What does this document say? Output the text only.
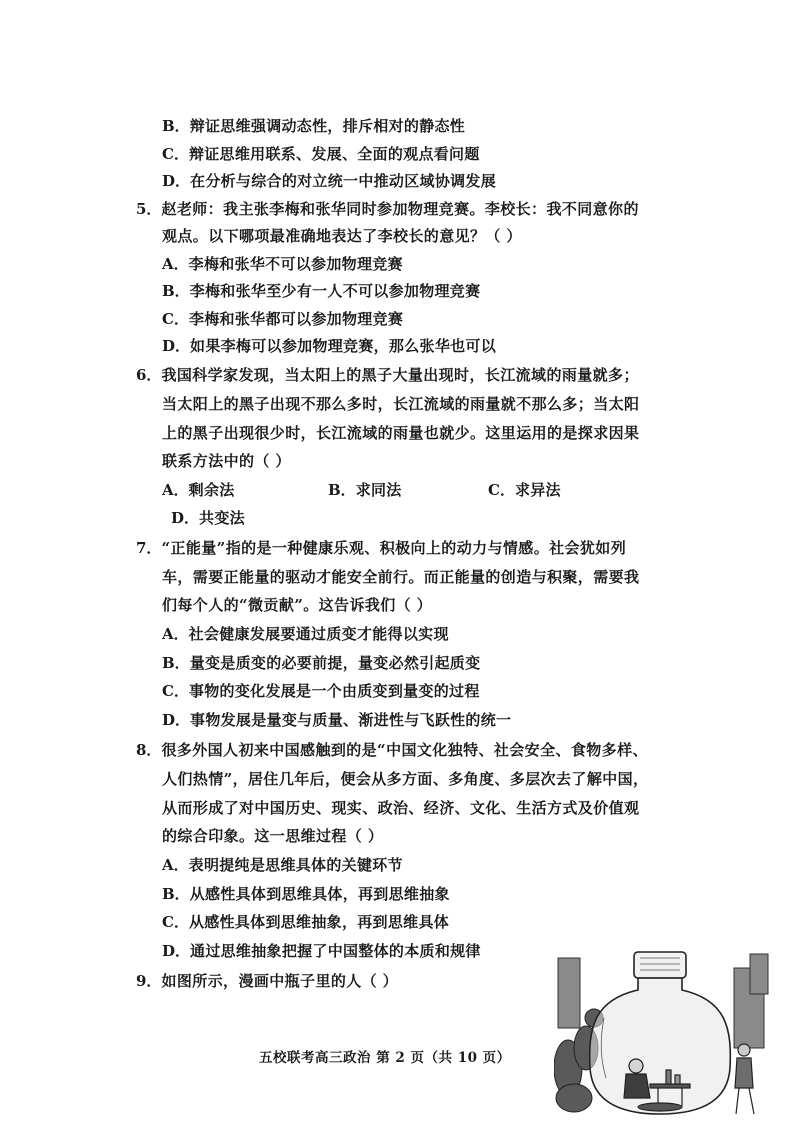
B．辩证思维强调动态性，排斥相对的静态性
C．辩证思维用联系、发展、全面的观点看问题
D．在分析与综合的对立统一中推动区域协调发展
5．赵老师：我主张李梅和张华同时参加物理竞赛。李校长：我不同意你的
观点。以下哪项最准确地表达了李校长的意见？（ ）
A．李梅和张华不可以参加物理竞赛
B．李梅和张华至少有一人不可以参加物理竞赛
C．李梅和张华都可以参加物理竞赛
D．如果李梅可以参加物理竞赛，那么张华也可以
6．我国科学家发现，当太阳上的黑子大量出现时，长江流域的雨量就多；
当太阳上的黑子出现不那么多时，长江流域的雨量就不那么多；当太阳
上的黑子出现很少时，长江流域的雨量也就少。这里运用的是探求因果
联系方法中的（ ）
A．剩余法	B．求同法	C．求异法
D．共变法
7．“正能量”指的是一种健康乐观、积极向上的动力与情感。社会犹如列
车，需要正能量的驱动才能安全前行。而正能量的创造与积聚，需要我
们每个人的“微贡献”。这告诉我们（ ）
A．社会健康发展要通过质变才能得以实现
B．量变是质变的必要前提，量变必然引起质变
C．事物的变化发展是一个由质变到量变的过程
D．事物发展是量变与质量、渐进性与飞跃性的统一
8．很多外国人初来中国感触到的是“中国文化独特、社会安全、食物多样、
人们热情”，居住几年后，便会从多方面、多角度、多层次去了解中国，
从而形成了对中国历史、现实、政治、经济、文化、生活方式及价值观
的综合印象。这一思维过程（ ）
A．表明提纯是思维具体的关键环节
B．从感性具体到思维具体，再到思维抽象
C．从感性具体到思维抽象，再到思维具体
D．通过思维抽象把握了中国整体的本质和规律
9．如图所示，漫画中瓶子里的人（ ）
五校联考高三政治 第 2 页（共 10 页）
